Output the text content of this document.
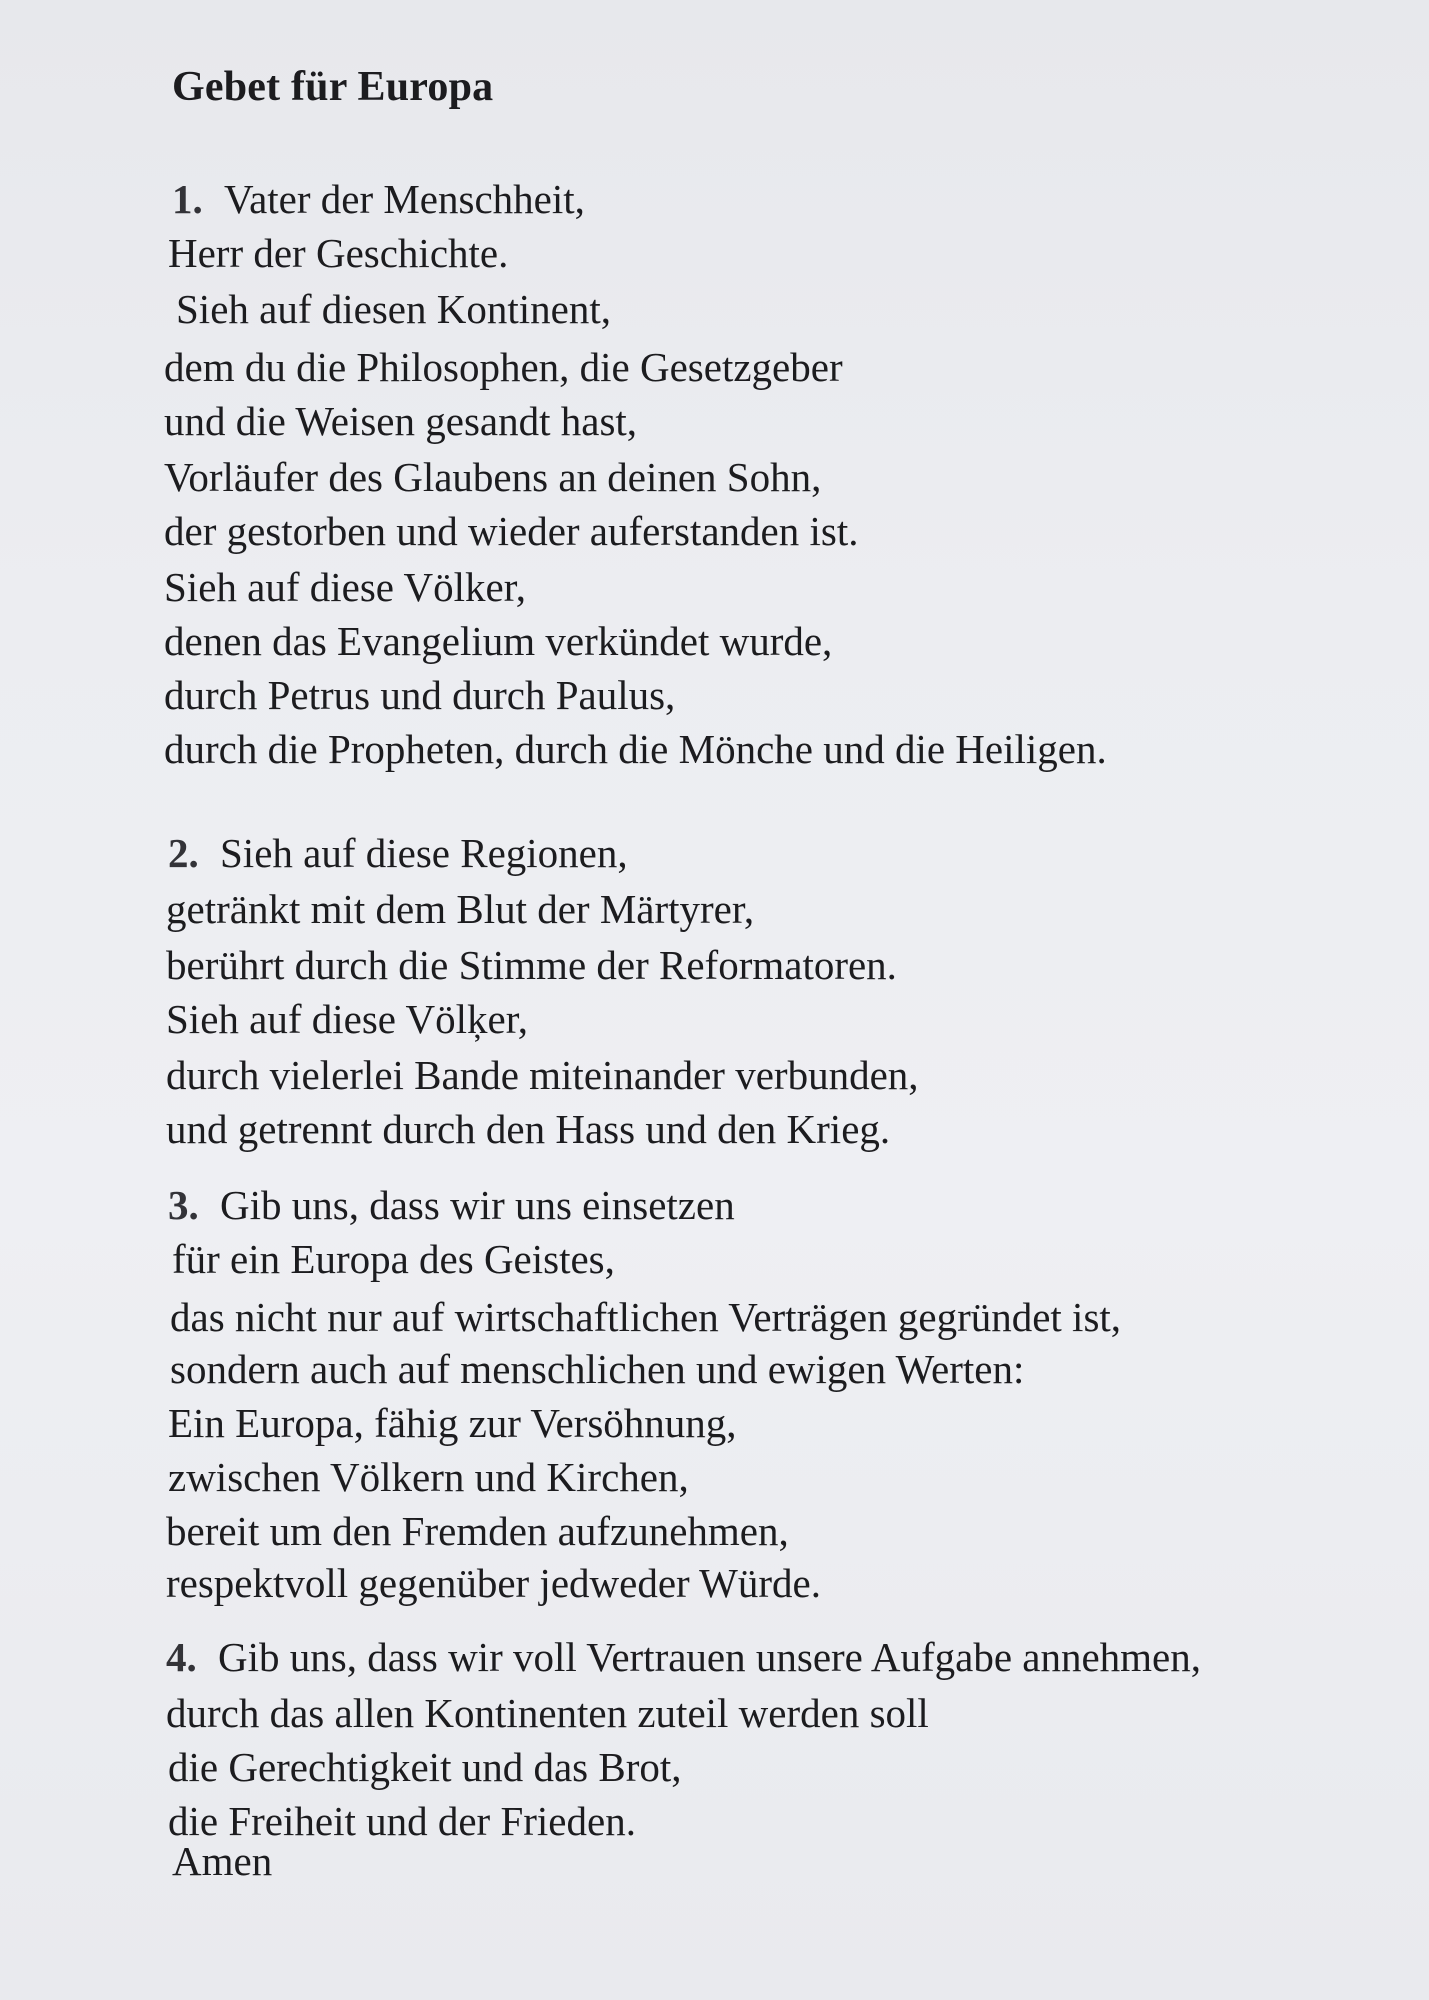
Gebet für Europa
1. Vater der Menschheit,
Herr der Geschichte.
Sieh auf diesen Kontinent,
dem du die Philosophen, die Gesetzgeber
und die Weisen gesandt hast,
Vorläufer des Glaubens an deinen Sohn,
der gestorben und wieder auferstanden ist.
Sieh auf diese Völker,
denen das Evangelium verkündet wurde,
durch Petrus und durch Paulus,
durch die Propheten, durch die Mönche und die Heiligen.
2. Sieh auf diese Regionen,
getränkt mit dem Blut der Märtyrer,
berührt durch die Stimme der Reformatoren.
Sieh auf diese Völķer,
durch vielerlei Bande miteinander verbunden,
und getrennt durch den Hass und den Krieg.
3. Gib uns, dass wir uns einsetzen
für ein Europa des Geistes,
das nicht nur auf wirtschaftlichen Verträgen gegründet ist,
sondern auch auf menschlichen und ewigen Werten:
Ein Europa, fähig zur Versöhnung,
zwischen Völkern und Kirchen,
bereit um den Fremden aufzunehmen,
respektvoll gegenüber jedweder Würde.
4. Gib uns, dass wir voll Vertrauen unsere Aufgabe annehmen,
durch das allen Kontinenten zuteil werden soll
die Gerechtigkeit und das Brot,
die Freiheit und der Frieden.
Amen
